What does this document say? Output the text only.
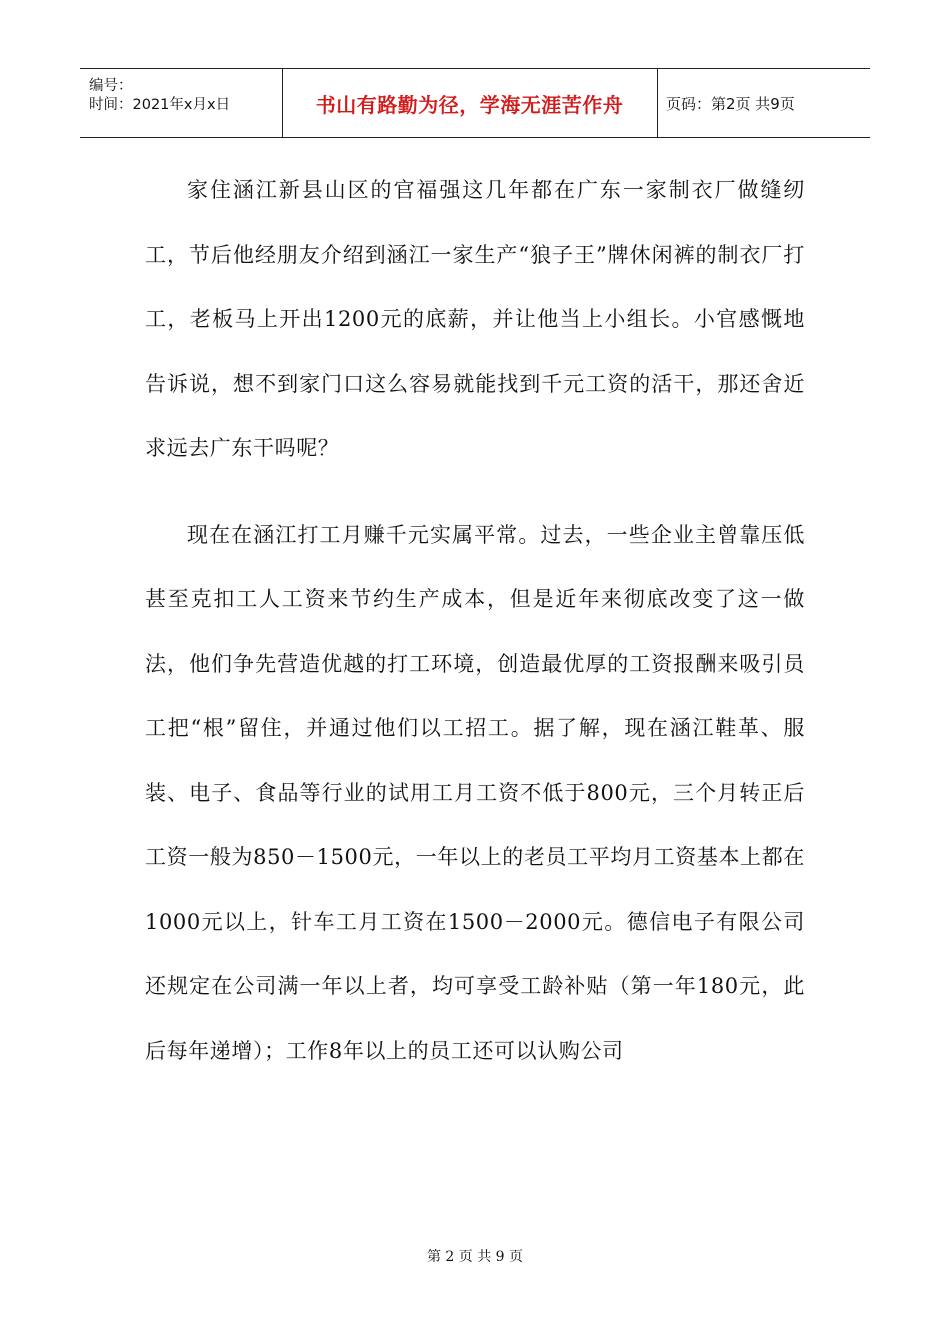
编号：
时间：2021年x月x日	书山有路勤为径，学海无涯苦作舟	页码：第2页 共9页

家住涵江新县山区的官福强这几年都在广东一家制衣厂做缝纫工，节后他经朋友介绍到涵江一家生产“狼子王”牌休闲裤的制衣厂打工，老板马上开出1200元的底薪，并让他当上小组长。小官感慨地告诉说，想不到家门口这么容易就能找到千元工资的活干，那还舍近求远去广东干吗呢？

现在在涵江打工月赚千元实属平常。过去，一些企业主曾靠压低甚至克扣工人工资来节约生产成本，但是近年来彻底改变了这一做法，他们争先营造优越的打工环境，创造最优厚的工资报酬来吸引员工把“根”留住，并通过他们以工招工。据了解，现在涵江鞋革、服装、电子、食品等行业的试用工月工资不低于800元，三个月转正后工资一般为850－1500元，一年以上的老员工平均月工资基本上都在1000元以上，针车工月工资在1500－2000元。德信电子有限公司还规定在公司满一年以上者，均可享受工龄补贴（第一年180元，此后每年递增）；工作8年以上的员工还可以认购公司

第 2 页 共 9 页
